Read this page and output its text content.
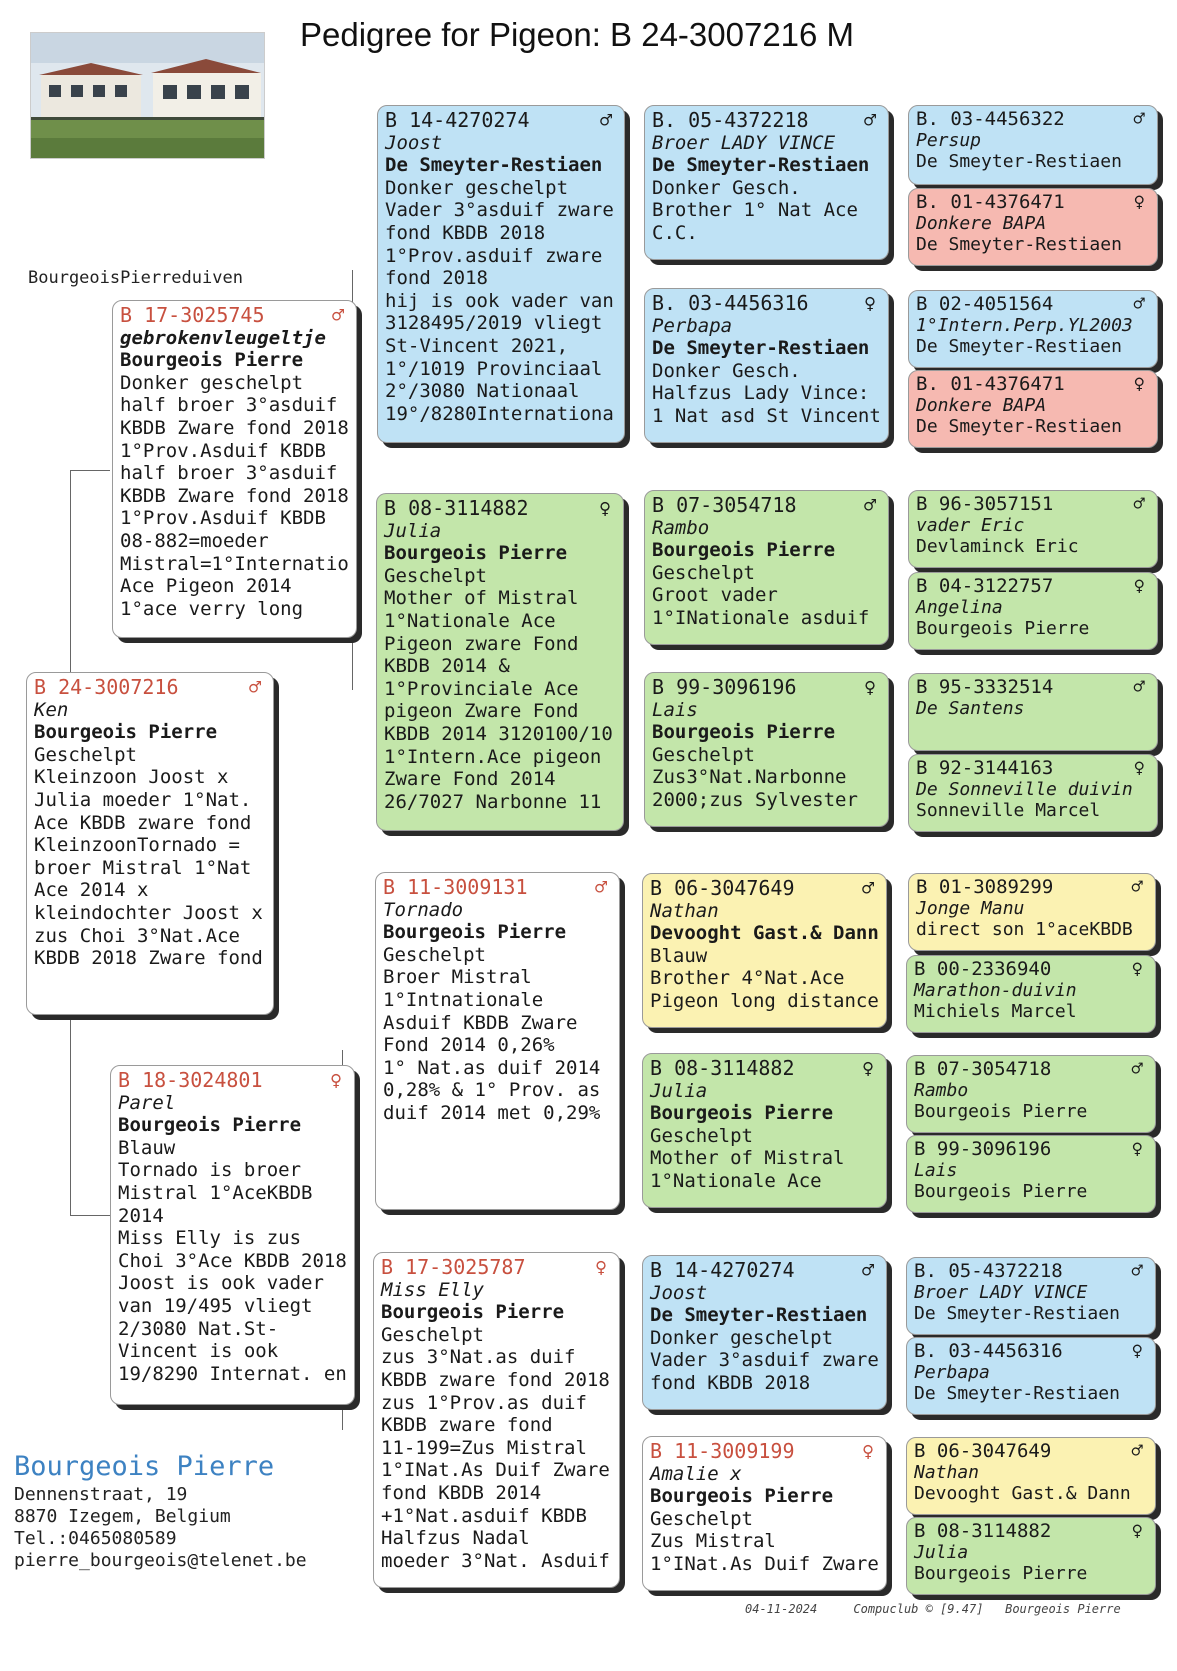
Pedigree for Pigeon: B 24-3007216 M
BourgeoisPierreduiven
B 24-3007216	♂
Ken
Bourgeois Pierre
Geschelpt
Kleinzoon Joost x
Julia moeder 1°Nat.
Ace KBDB zware fond
KleinzoonTornado =
broer Mistral 1°Nat
Ace 2014 x
kleindochter Joost x
zus Choi 3°Nat.Ace
KBDB 2018 Zware fond
B 17-3025745	♂
gebrokenvleugeltje
Bourgeois Pierre
Donker geschelpt
half broer 3°asduif
KBDB Zware fond 2018
1°Prov.Asduif KBDB
half broer 3°asduif
KBDB Zware fond 2018
1°Prov.Asduif KBDB
08-882=moeder
Mistral=1°Internatio
Ace Pigeon 2014
1°ace verry long
B 18-3024801	♀
Parel
Bourgeois Pierre
Blauw
Tornado is broer
Mistral 1°AceKBDB
2014
Miss Elly is zus
Choi 3°Ace KBDB 2018
Joost is ook vader
van 19/495 vliegt
2/3080 Nat.St-
Vincent is ook
19/8290 Internat. en
B 14-4270274	♂
Joost
De Smeyter-Restiaen
Donker geschelpt
Vader 3°asduif zware
fond KBDB 2018
1°Prov.asduif zware
fond 2018
hij is ook vader van
3128495/2019 vliegt
St-Vincent 2021,
1°/1019 Provinciaal
2°/3080 Nationaal
19°/8280Internationa
B 08-3114882	♀
Julia
Bourgeois Pierre
Geschelpt
Mother of Mistral
1°Nationale Ace
Pigeon zware Fond
KBDB 2014 &
1°Provinciale Ace
pigeon Zware Fond
KBDB 2014 3120100/10
1°Intern.Ace pigeon
Zware Fond 2014
26/7027 Narbonne 11
B 11-3009131	♂
Tornado
Bourgeois Pierre
Geschelpt
Broer Mistral
1°Intnationale
Asduif KBDB Zware
Fond 2014 0,26%
1° Nat.as duif 2014
0,28% & 1° Prov. as
duif 2014 met 0,29%
B 17-3025787	♀
Miss Elly
Bourgeois Pierre
Geschelpt
zus 3°Nat.as duif
KBDB zware fond 2018
zus 1°Prov.as duif
KBDB zware fond
11-199=Zus Mistral
1°INat.As Duif Zware
fond KBDB 2014
+1°Nat.asduif KBDB
Halfzus Nadal
moeder 3°Nat. Asduif
B. 05-4372218	♂
Broer LADY VINCE
De Smeyter-Restiaen
Donker Gesch.
Brother 1° Nat Ace
C.C.
B. 03-4456316	♀
Perbapa
De Smeyter-Restiaen
Donker Gesch.
Halfzus Lady Vince:
1 Nat asd St Vincent
B 07-3054718	♂
Rambo
Bourgeois Pierre
Geschelpt
Groot vader
1°INationale asduif
B 99-3096196	♀
Lais
Bourgeois Pierre
Geschelpt
Zus3°Nat.Narbonne
2000;zus Sylvester
B 06-3047649	♂
Nathan
Devooght Gast.& Dann
Blauw
Brother 4°Nat.Ace
Pigeon long distance
B 08-3114882	♀
Julia
Bourgeois Pierre
Geschelpt
Mother of Mistral
1°Nationale Ace
B 14-4270274	♂
Joost
De Smeyter-Restiaen
Donker geschelpt
Vader 3°asduif zware
fond KBDB 2018
B 11-3009199	♀
Amalie x
Bourgeois Pierre
Geschelpt
Zus Mistral
1°INat.As Duif Zware
B. 03-4456322	♂
Persup
De Smeyter-Restiaen
B. 01-4376471	♀
Donkere BAPA
De Smeyter-Restiaen
B 02-4051564	♂
1°Intern.Perp.YL2003
De Smeyter-Restiaen
B. 01-4376471	♀
Donkere BAPA
De Smeyter-Restiaen
B 96-3057151	♂
vader Eric
Devlaminck Eric
B 04-3122757	♀
Angelina
Bourgeois Pierre
B 95-3332514	♂
De Santens
B 92-3144163	♀
De Sonneville duivin
Sonneville Marcel
B 01-3089299	♂
Jonge Manu
direct son 1°aceKBDB
B 00-2336940	♀
Marathon-duivin
Michiels Marcel
B 07-3054718	♂
Rambo
Bourgeois Pierre
B 99-3096196	♀
Lais
Bourgeois Pierre
B. 05-4372218	♂
Broer LADY VINCE
De Smeyter-Restiaen
B. 03-4456316	♀
Perbapa
De Smeyter-Restiaen
B 06-3047649	♂
Nathan
Devooght Gast.& Dann
B 08-3114882	♀
Julia
Bourgeois Pierre
Bourgeois Pierre
Dennenstraat, 19
8870 Izegem, Belgium
Tel.:0465080589
pierre_bourgeois@telenet.be
04-11-2024	Compuclub © [9.47] Bourgeois Pierre
